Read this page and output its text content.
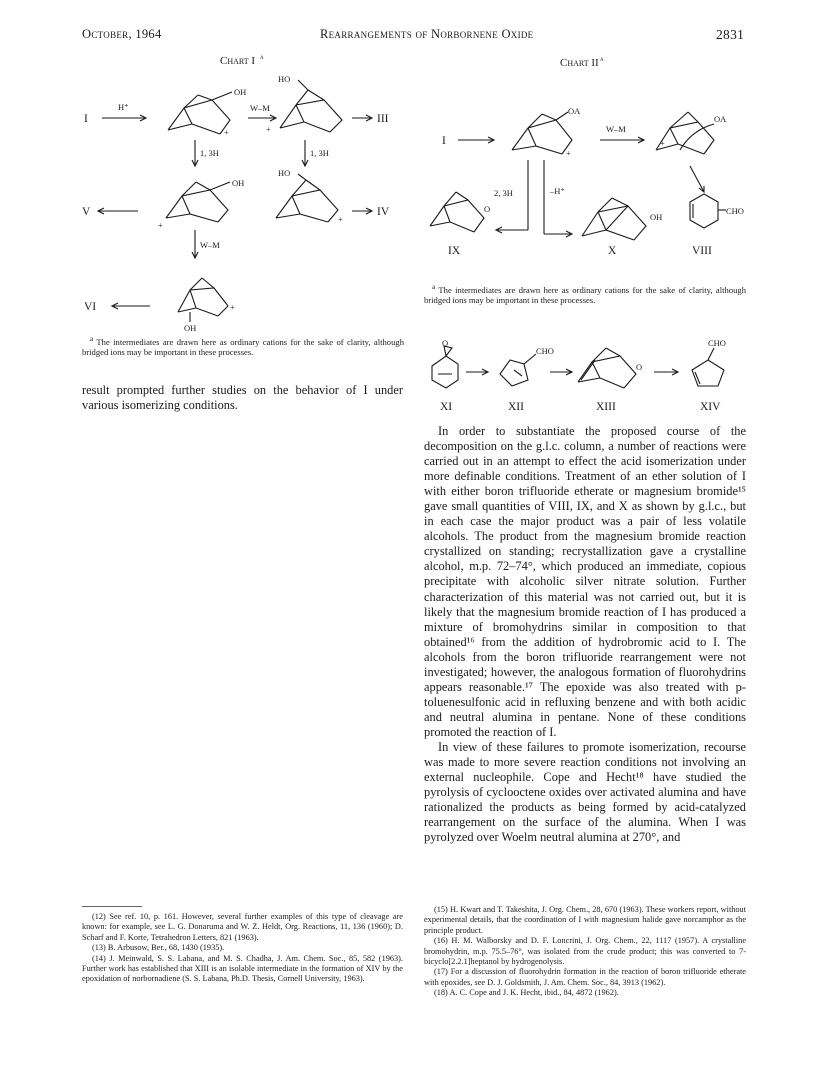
October, 1964	Rearrangements of Norbornene Oxide	2831
Chart I a
I
H⁺
OH
+
W–M
HO
+
III
1, 3H	1, 3H
V
OH
+
HO
+
IV
W–M
VI	+
OH

$^a$ The intermediates are drawn here as ordinary cations for the sake of clarity, although bridged ions may be important in these processes.

Chart II a
I
OA
+
W–M
OA
+
2, 3H	–H⁺
O
IX
OH
X
CHO
VIII

$^a$ The intermediates are drawn here as ordinary cations for the sake of clarity, although bridged ions may be important in these processes.

O
XI
CHO
XII
O
XIII
CHO
XIV

result prompted further studies on the behavior of I under various isomerizing conditions.

In order to substantiate the proposed course of the decomposition on the g.l.c. column, a number of reactions were carried out in an attempt to effect the acid isomerization under more definable conditions. Treatment of an ether solution of I with either boron trifluoride etherate or magnesium bromide¹⁵ gave small quantities of VIII, IX, and X as shown by g.l.c., but in each case the major product was a pair of less volatile alcohols. The product from the magnesium bromide reaction crystallized on standing; recrystallization gave a crystalline alcohol, m.p. 72–74°, which produced an immediate, copious precipitate with alcoholic silver nitrate solution. Further characterization of this material was not carried out, but it is likely that the magnesium bromide reaction of I has produced a mixture of bromohydrins similar in composition to that obtained¹⁶ from the addition of hydrobromic acid to I. The alcohols from the boron trifluoride rearrangement were not investigated; however, the analogous formation of fluorohydrins appears reasonable.¹⁷ The epoxide was also treated with p-toluenesulfonic acid in refluxing benzene and with both acidic and neutral alumina in pentane. None of these conditions promoted the reaction of I.

In view of these failures to promote isomerization, recourse was made to more severe reaction conditions not involving an external nucleophile. Cope and Hecht¹⁸ have studied the pyrolysis of cyclooctene oxides over activated alumina and have rationalized the products as being formed by acid-catalyzed rearrangement on the surface of the alumina. When I was pyrolyzed over Woelm neutral alumina at 270°, and

(12) See ref. 10, p. 161. However, several further examples of this type of cleavage are known: for example, see L. G. Donaruma and W. Z. Heldt, Org. Reactions, 11, 136 (1960); D. Scharf and F. Korte, Tetrahedron Letters, 821 (1963).

(13) B. Arbusow, Ber., 68, 1430 (1935).

(14) J. Meinwald, S. S. Labana, and M. S. Chadha, J. Am. Chem. Soc., 85, 582 (1963). Further work has established that XIII is an isolable intermediate in the formation of XIV by the epoxidation of norbornadiene (S. S. Labana, Ph.D. Thesis, Cornell University, 1963).

(15) H. Kwart and T. Takeshita, J. Org. Chem., 28, 670 (1963). These workers report, without experimental details, that the coordination of I with magnesium halide gave norcamphor as the principle product.

(16) H. M. Walborsky and D. F. Loncrini, J. Org. Chem., 22, 1117 (1957). A crystalline bromohydrin, m.p. 75.5–76°, was isolated from the crude product; this was converted to 7-bicyclo[2.2.1]heptanol by hydrogenolysis.

(17) For a discussion of fluorohydrin formation in the reaction of boron trifluoride etherate with epoxides, see D. J. Goldsmith, J. Am. Chem. Soc., 84, 3913 (1962).

(18) A. C. Cope and J. K. Hecht, ibid., 84, 4872 (1962).
